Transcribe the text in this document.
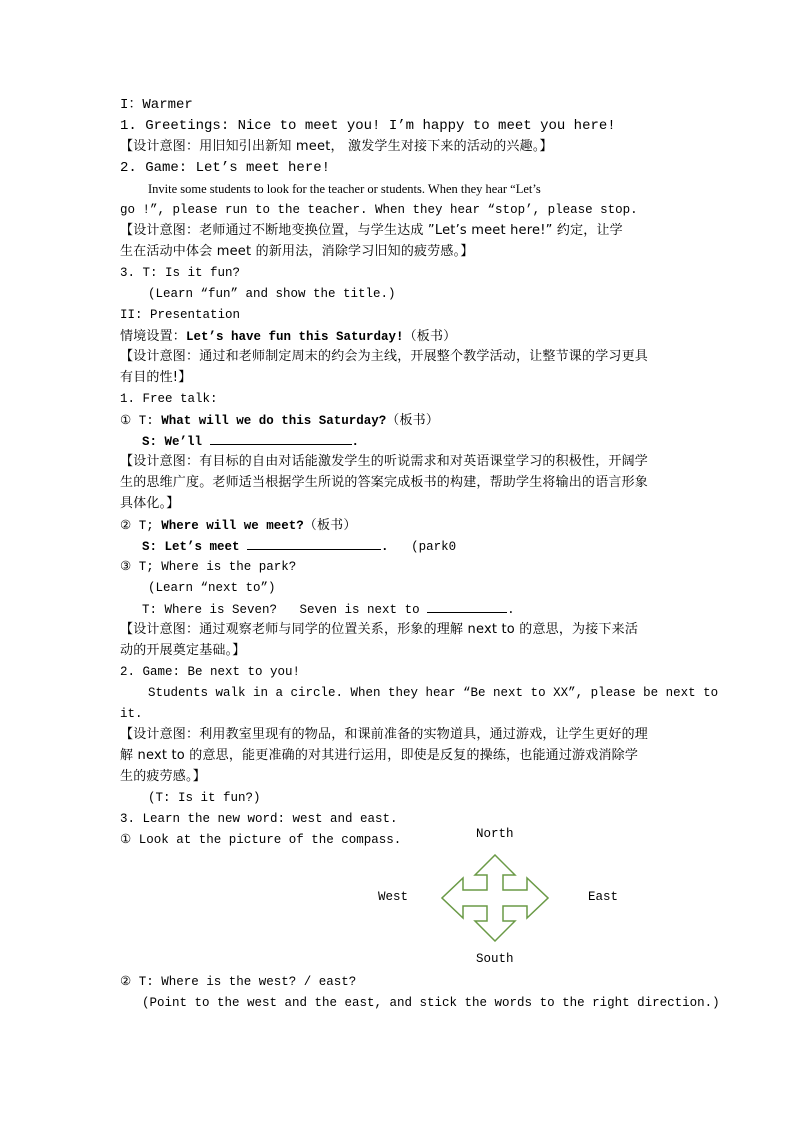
I：Warmer
1. Greetings: Nice to meet you! I’m happy to meet you here!
【设计意图：用旧知引出新知 meet， 激发学生对接下来的活动的兴趣。】
2. Game: Let’s meet here!
Invite some students to look for the teacher or students. When they hear “Let’s
go !”, please run to the teacher. When they hear “stop’, please stop.
【设计意图：老师通过不断地变换位置，与学生达成 ”Let’s meet here!” 约定，让学
生在活动中体会 meet 的新用法，消除学习旧知的疲劳感。】
3. T: Is it fun?
(Learn “fun” and show the title.)
II: Presentation
情境设置：Let’s have fun this Saturday!（板书）
【设计意图：通过和老师制定周末的约会为主线，开展整个教学活动，让整节课的学习更具
有目的性!】
1. Free talk:
① T: What will we do this Saturday?（板书）
S: We’ll	.
【设计意图：有目标的自由对话能激发学生的听说需求和对英语课堂学习的积极性，开阔学
生的思维广度。老师适当根据学生所说的答案完成板书的构建，帮助学生将输出的语言形象
具体化。】
② T; Where will we meet?（板书）
S: Let’s meet	. (park0
③ T; Where is the park?
(Learn “next to”)
T: Where is Seven? Seven is next to	.
【设计意图：通过观察老师与同学的位置关系，形象的理解 next to 的意思，为接下来活
动的开展奠定基础。】
2. Game: Be next to you!
Students walk in a circle. When they hear “Be next to XX”, please be next to
it.
【设计意图：利用教室里现有的物品，和课前准备的实物道具，通过游戏，让学生更好的理
解 next to 的意思，能更准确的对其进行运用，即使是反复的操练，也能通过游戏消除学
生的疲劳感。】
(T: Is it fun?)
3. Learn the new word: west and east.
① Look at the picture of the compass.	North
West	East
South
② T: Where is the west? / east?
(Point to the west and the east, and stick the words to the right direction.)
